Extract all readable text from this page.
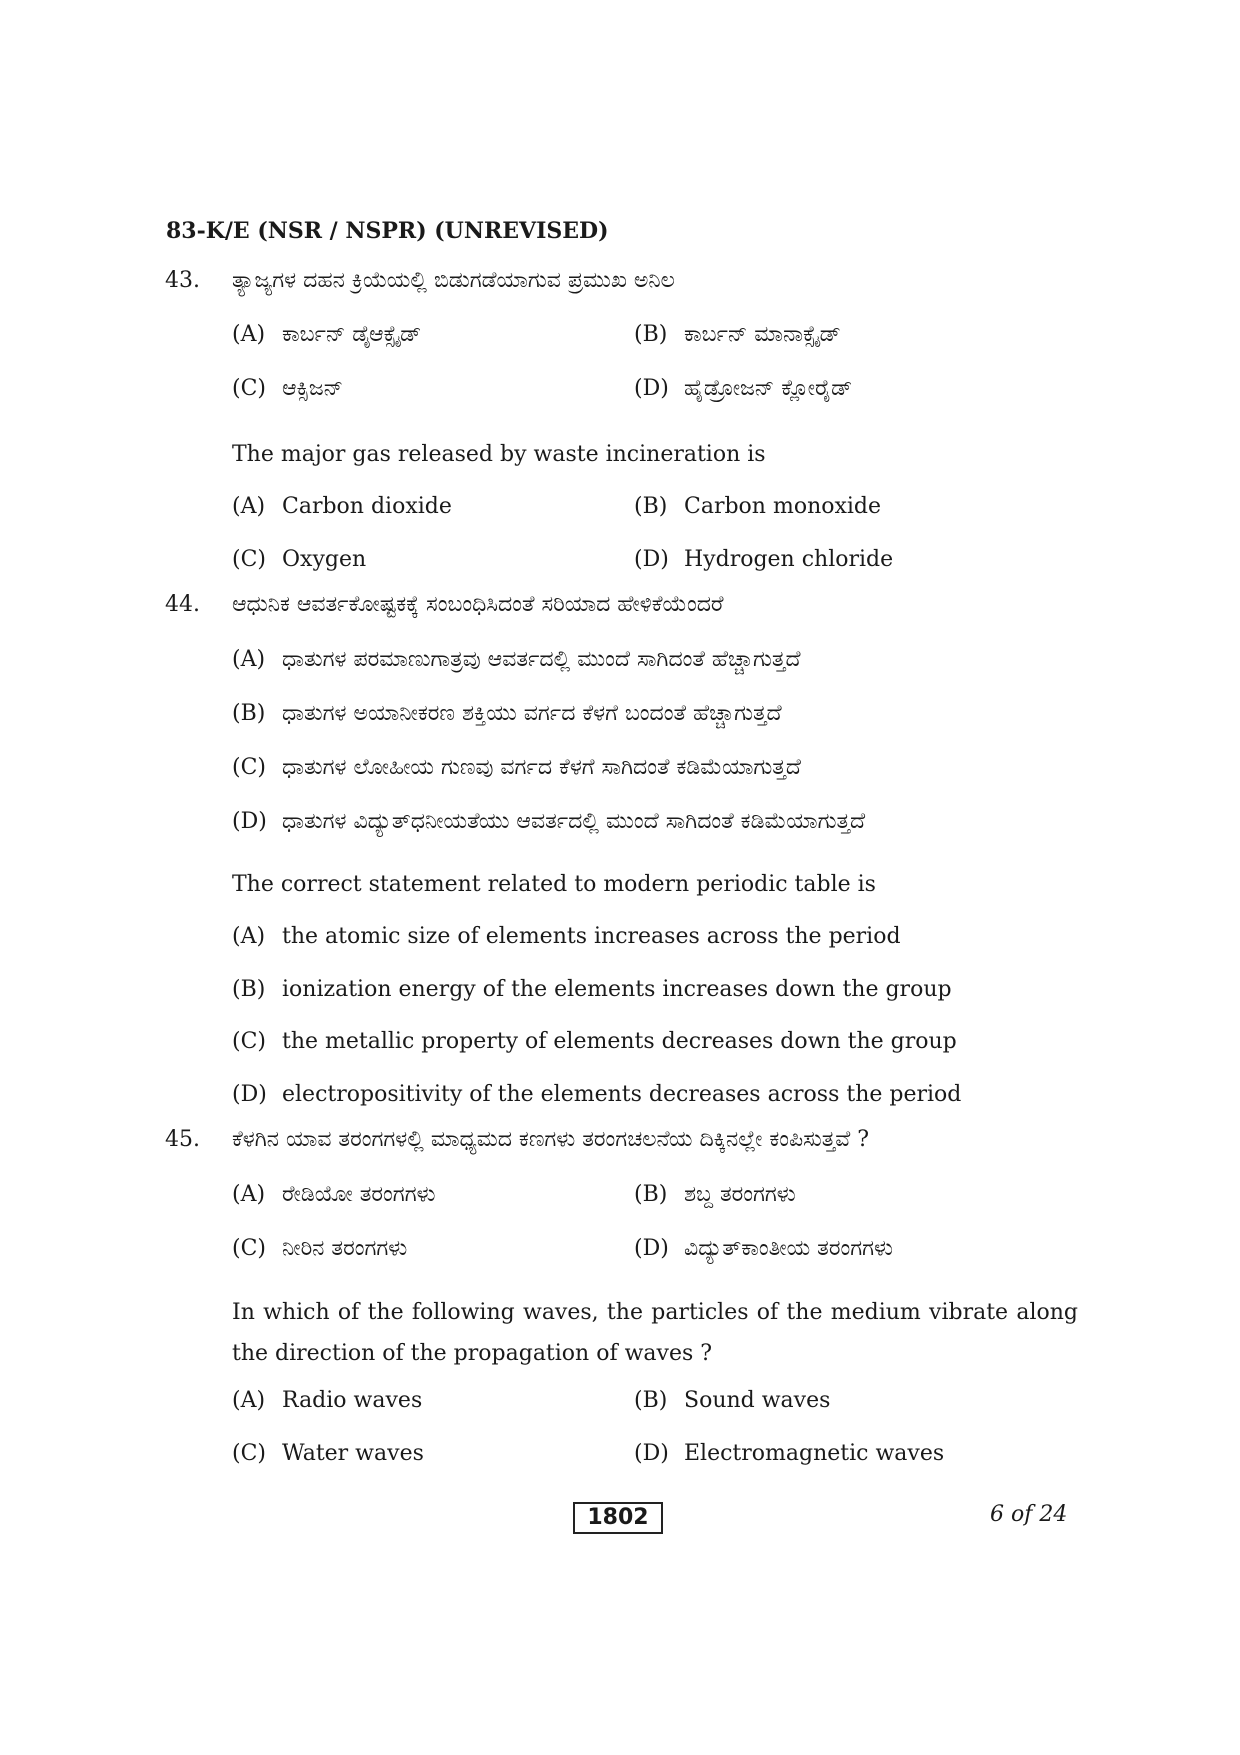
83-K/E (NSR / NSPR) (UNREVISED)
43. ತ್ಯಾಜ್ಯಗಳ ದಹನ ಕ್ರಿಯೆಯಲ್ಲಿ ಬಿಡುಗಡೆಯಾಗುವ ಪ್ರಮುಖ ಅನಿಲ
(A) ಕಾರ್ಬನ್ ಡೈಆಕ್ಸೈಡ್	(B) ಕಾರ್ಬನ್ ಮಾನಾಕ್ಸೈಡ್
(C) ಆಕ್ಸಿಜನ್	(D) ಹೈಡ್ರೋಜನ್ ಕ್ಲೋರೈಡ್
The major gas released by waste incineration is
(A) Carbon dioxide	(B) Carbon monoxide
(C) Oxygen	(D) Hydrogen chloride
44. ಆಧುನಿಕ ಆವರ್ತಕೋಷ್ಟಕಕ್ಕೆ ಸಂಬಂಧಿಸಿದಂತೆ ಸರಿಯಾದ ಹೇಳಿಕೆಯೆಂದರೆ
(A) ಧಾತುಗಳ ಪರಮಾಣುಗಾತ್ರವು ಆವರ್ತದಲ್ಲಿ ಮುಂದೆ ಸಾಗಿದಂತೆ ಹೆಚ್ಚಾಗುತ್ತದೆ
(B) ಧಾತುಗಳ ಅಯಾನೀಕರಣ ಶಕ್ತಿಯು ವರ್ಗದ ಕೆಳಗೆ ಬಂದಂತೆ ಹೆಚ್ಚಾಗುತ್ತದೆ
(C) ಧಾತುಗಳ ಲೋಹೀಯ ಗುಣವು ವರ್ಗದ ಕೆಳಗೆ ಸಾಗಿದಂತೆ ಕಡಿಮೆಯಾಗುತ್ತದೆ
(D) ಧಾತುಗಳ ವಿದ್ಯುತ್‌ಧನೀಯತೆಯು ಆವರ್ತದಲ್ಲಿ ಮುಂದೆ ಸಾಗಿದಂತೆ ಕಡಿಮೆಯಾಗುತ್ತದೆ
The correct statement related to modern periodic table is
(A) the atomic size of elements increases across the period
(B) ionization energy of the elements increases down the group
(C) the metallic property of elements decreases down the group
(D) electropositivity of the elements decreases across the period
45. ಕೆಳಗಿನ ಯಾವ ತರಂಗಗಳಲ್ಲಿ ಮಾಧ್ಯಮದ ಕಣಗಳು ತರಂಗಚಲನೆಯ ದಿಕ್ಕಿನಲ್ಲೇ ಕಂಪಿಸುತ್ತವೆ ?
(A) ರೇಡಿಯೋ ತರಂಗಗಳು	(B) ಶಬ್ದ ತರಂಗಗಳು
(C) ನೀರಿನ ತರಂಗಗಳು	(D) ವಿದ್ಯುತ್‌ಕಾಂತೀಯ ತರಂಗಗಳು
In which of the following waves, the particles of the medium vibrate along the direction of the propagation of waves ?
(A) Radio waves	(B) Sound waves
(C) Water waves	(D) Electromagnetic waves
1802	6 of 24
